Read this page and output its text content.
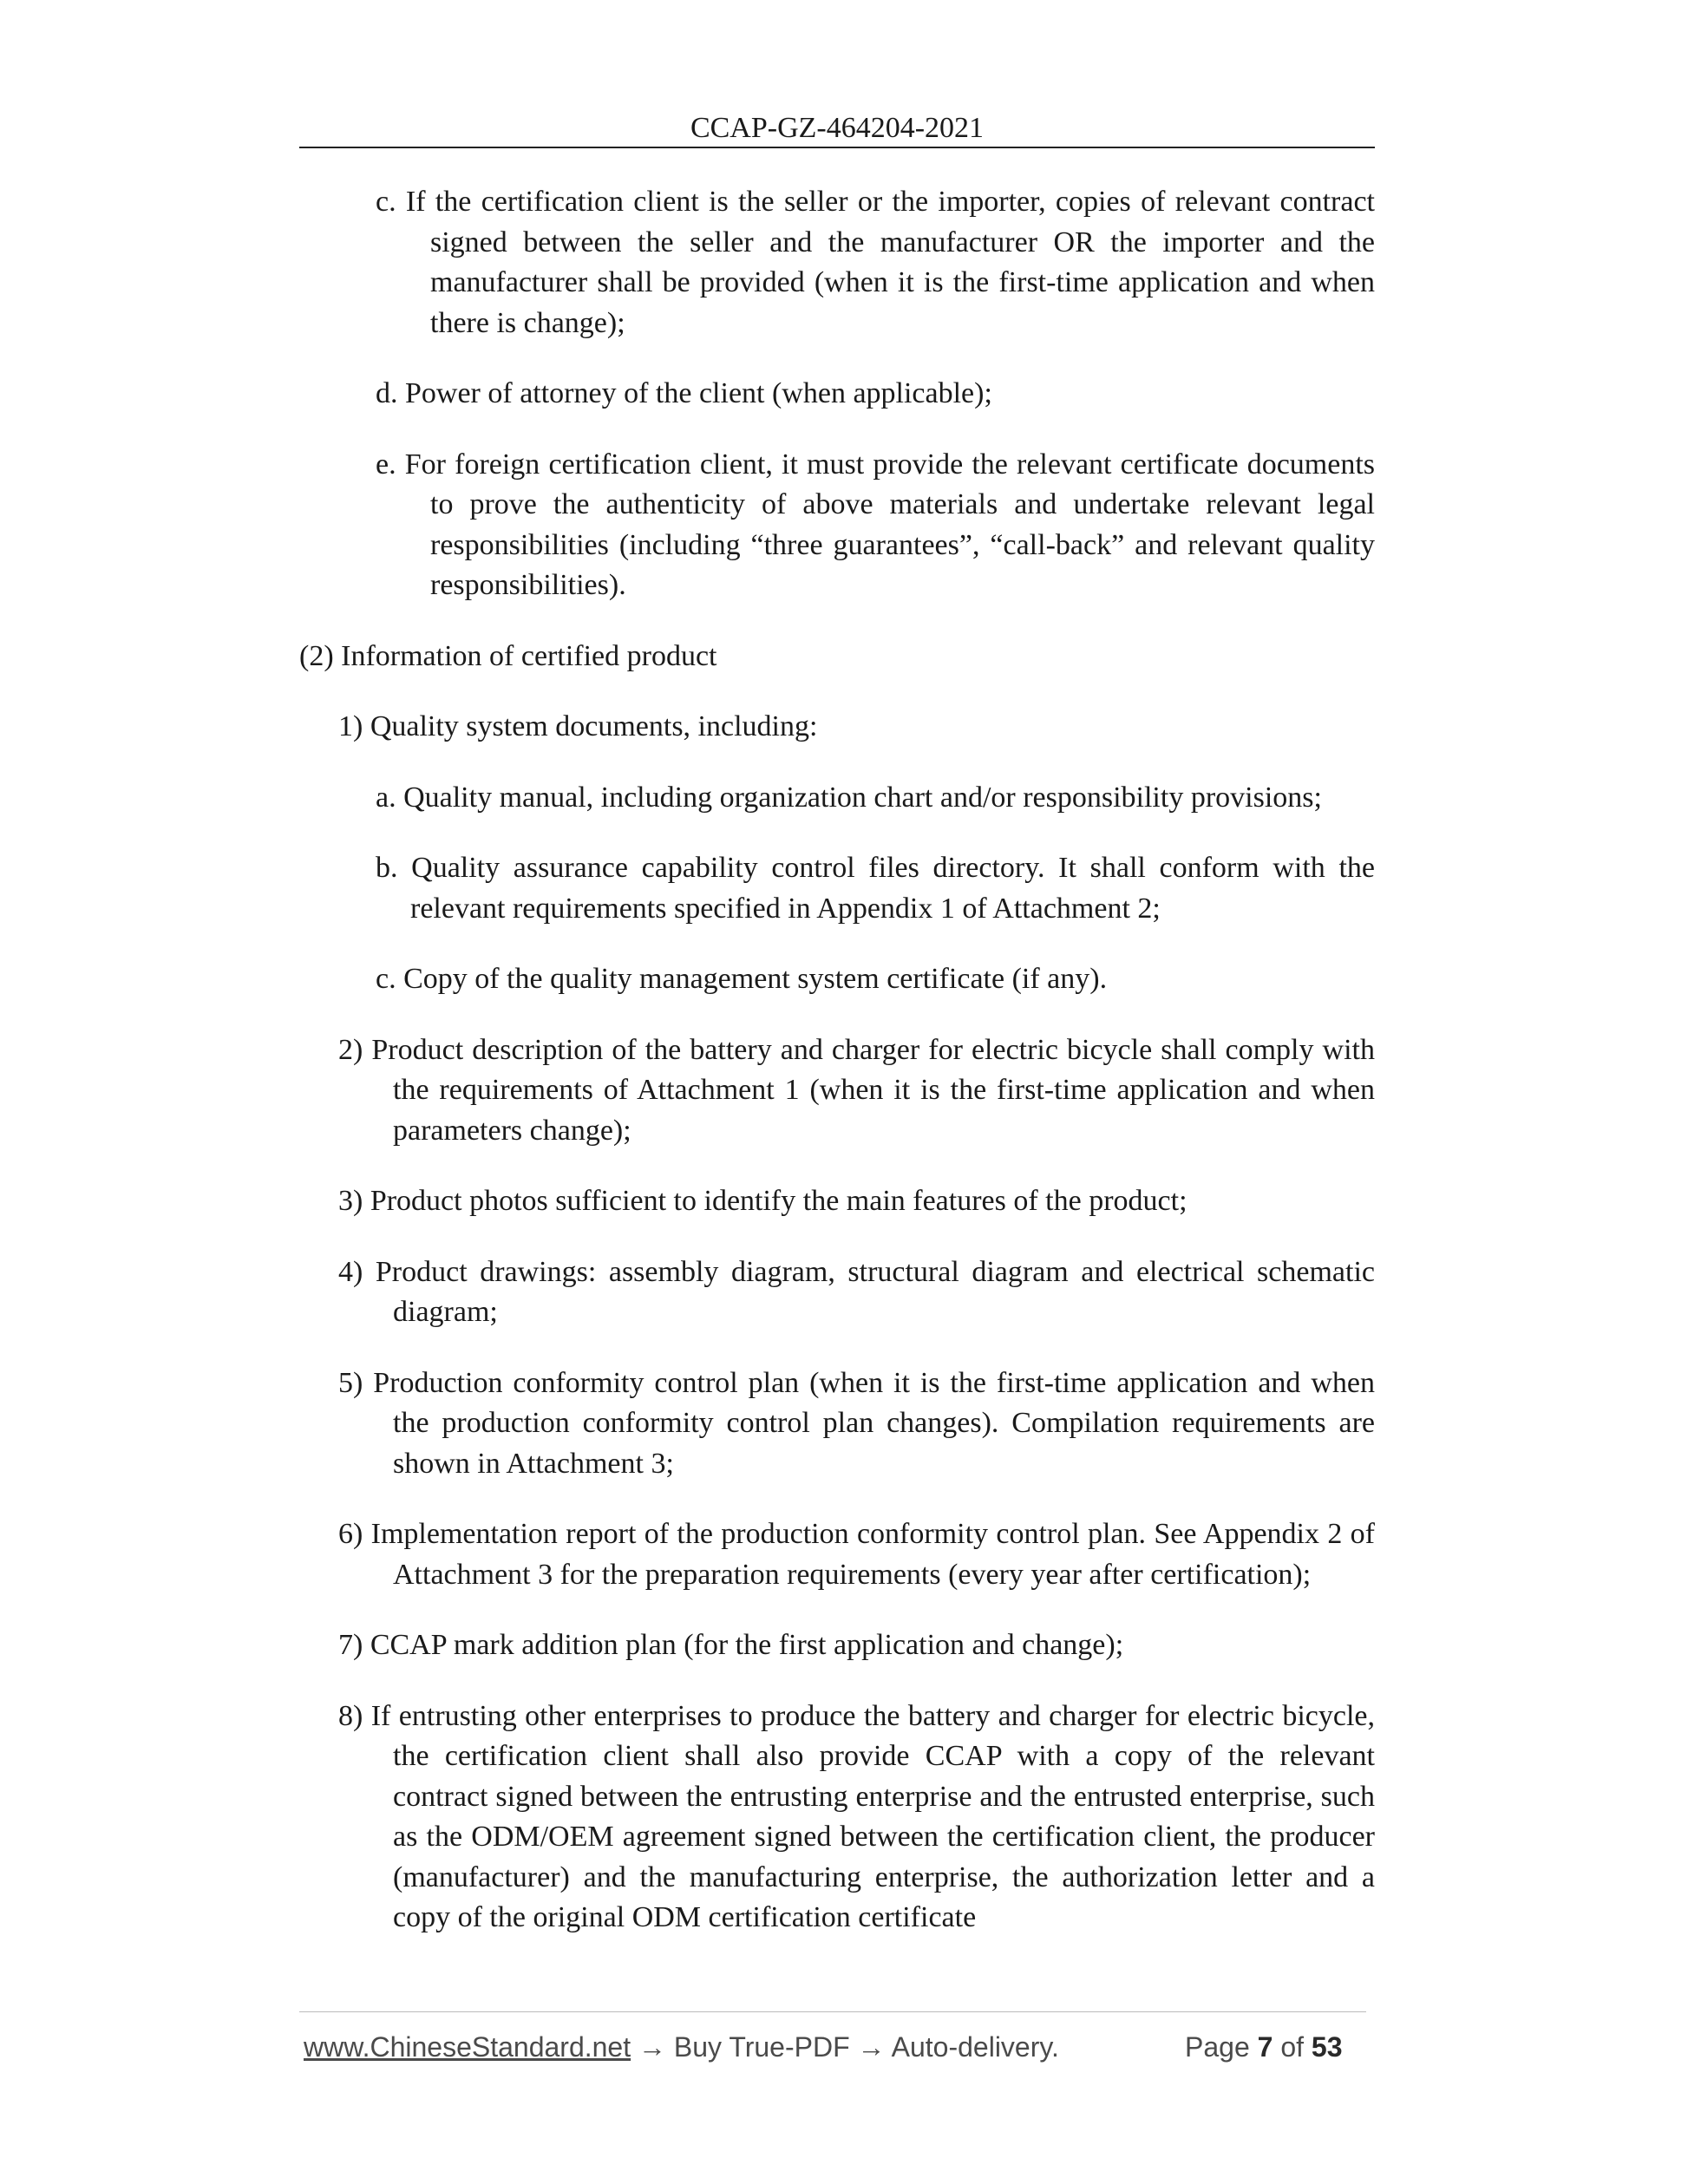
CCAP-GZ-464204-2021

c. If the certification client is the seller or the importer, copies of relevant contract signed between the seller and the manufacturer OR the importer and the manufacturer shall be provided (when it is the first-time application and when there is change);

d. Power of attorney of the client (when applicable);

e. For foreign certification client, it must provide the relevant certificate documents to prove the authenticity of above materials and undertake relevant legal responsibilities (including “three guarantees”, “call-back” and relevant quality responsibilities).

(2) Information of certified product

1) Quality system documents, including:

a. Quality manual, including organization chart and/or responsibility provisions;

b. Quality assurance capability control files directory. It shall conform with the relevant requirements specified in Appendix 1 of Attachment 2;

c. Copy of the quality management system certificate (if any).

2) Product description of the battery and charger for electric bicycle shall comply with the requirements of Attachment 1 (when it is the first-time application and when parameters change);

3) Product photos sufficient to identify the main features of the product;

4) Product drawings: assembly diagram, structural diagram and electrical schematic diagram;

5) Production conformity control plan (when it is the first-time application and when the production conformity control plan changes). Compilation requirements are shown in Attachment 3;

6) Implementation report of the production conformity control plan. See Appendix 2 of Attachment 3 for the preparation requirements (every year after certification);

7) CCAP mark addition plan (for the first application and change);

8) If entrusting other enterprises to produce the battery and charger for electric bicycle, the certification client shall also provide CCAP with a copy of the relevant contract signed between the entrusting enterprise and the entrusted enterprise, such as the ODM/OEM agreement signed between the certification client, the producer (manufacturer) and the manufacturing enterprise, the authorization letter and a copy of the original ODM certification certificate

www.ChineseStandard.net → Buy True-PDF → Auto-delivery.	Page 7 of 53
